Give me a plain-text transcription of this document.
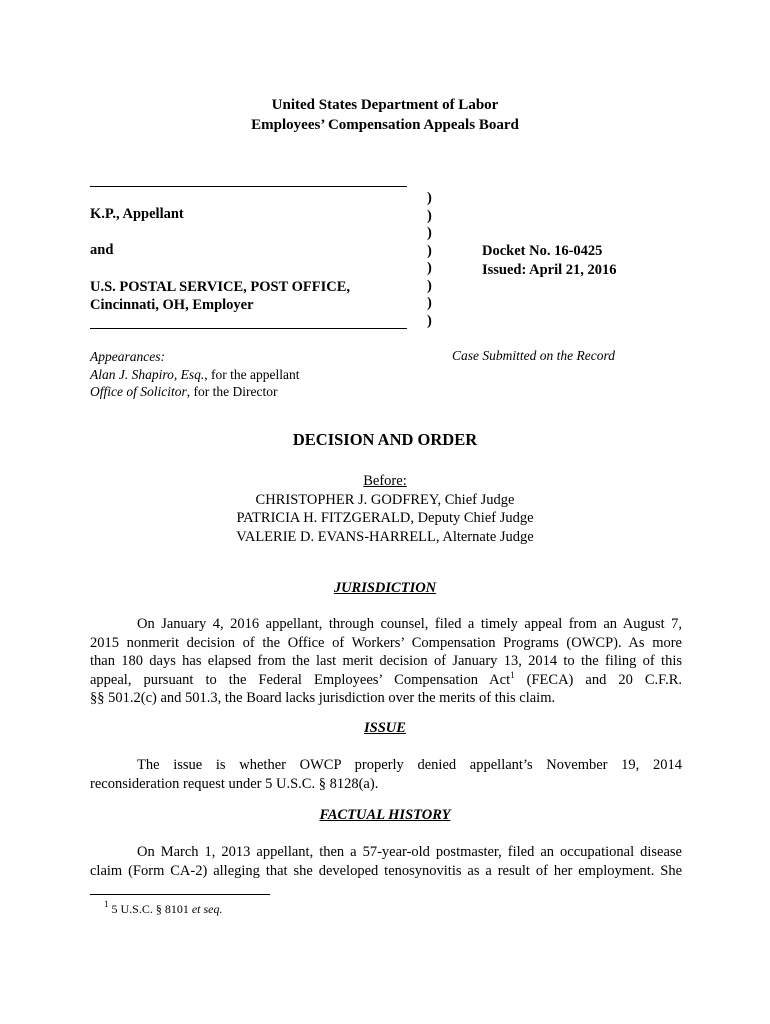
United States Department of Labor
Employees’ Compensation Appeals Board
K.P., Appellant
and
U.S. POSTAL SERVICE, POST OFFICE,
Cincinnati, OH, Employer
)
)
)
)
)
)
)
)
Docket No. 16-0425
Issued: April 21, 2016
Appearances:
Alan J. Shapiro, Esq., for the appellant
Office of Solicitor, for the Director
Case Submitted on the Record
DECISION AND ORDER
Before:
CHRISTOPHER J. GODFREY, Chief Judge
PATRICIA H. FITZGERALD, Deputy Chief Judge
VALERIE D. EVANS-HARRELL, Alternate Judge
JURISDICTION
On January 4, 2016 appellant, through counsel, filed a timely appeal from an August 7,
2015 nonmerit decision of the Office of Workers’ Compensation Programs (OWCP). As more
than 180 days has elapsed from the last merit decision of January 13, 2014 to the filing of this
appeal, pursuant to the Federal Employees’ Compensation Act$^1$ (FECA) and 20 C.F.R.
§§ 501.2(c) and 501.3, the Board lacks jurisdiction over the merits of this claim.
ISSUE
The issue is whether OWCP properly denied appellant’s November 19, 2014
reconsideration request under 5 U.S.C. § 8128(a).
FACTUAL HISTORY
On March 1, 2013 appellant, then a 57-year-old postmaster, filed an occupational disease
claim (Form CA-2) alleging that she developed tenosynovitis as a result of her employment. She
$^1$ 5 U.S.C. § 8101 et seq.
